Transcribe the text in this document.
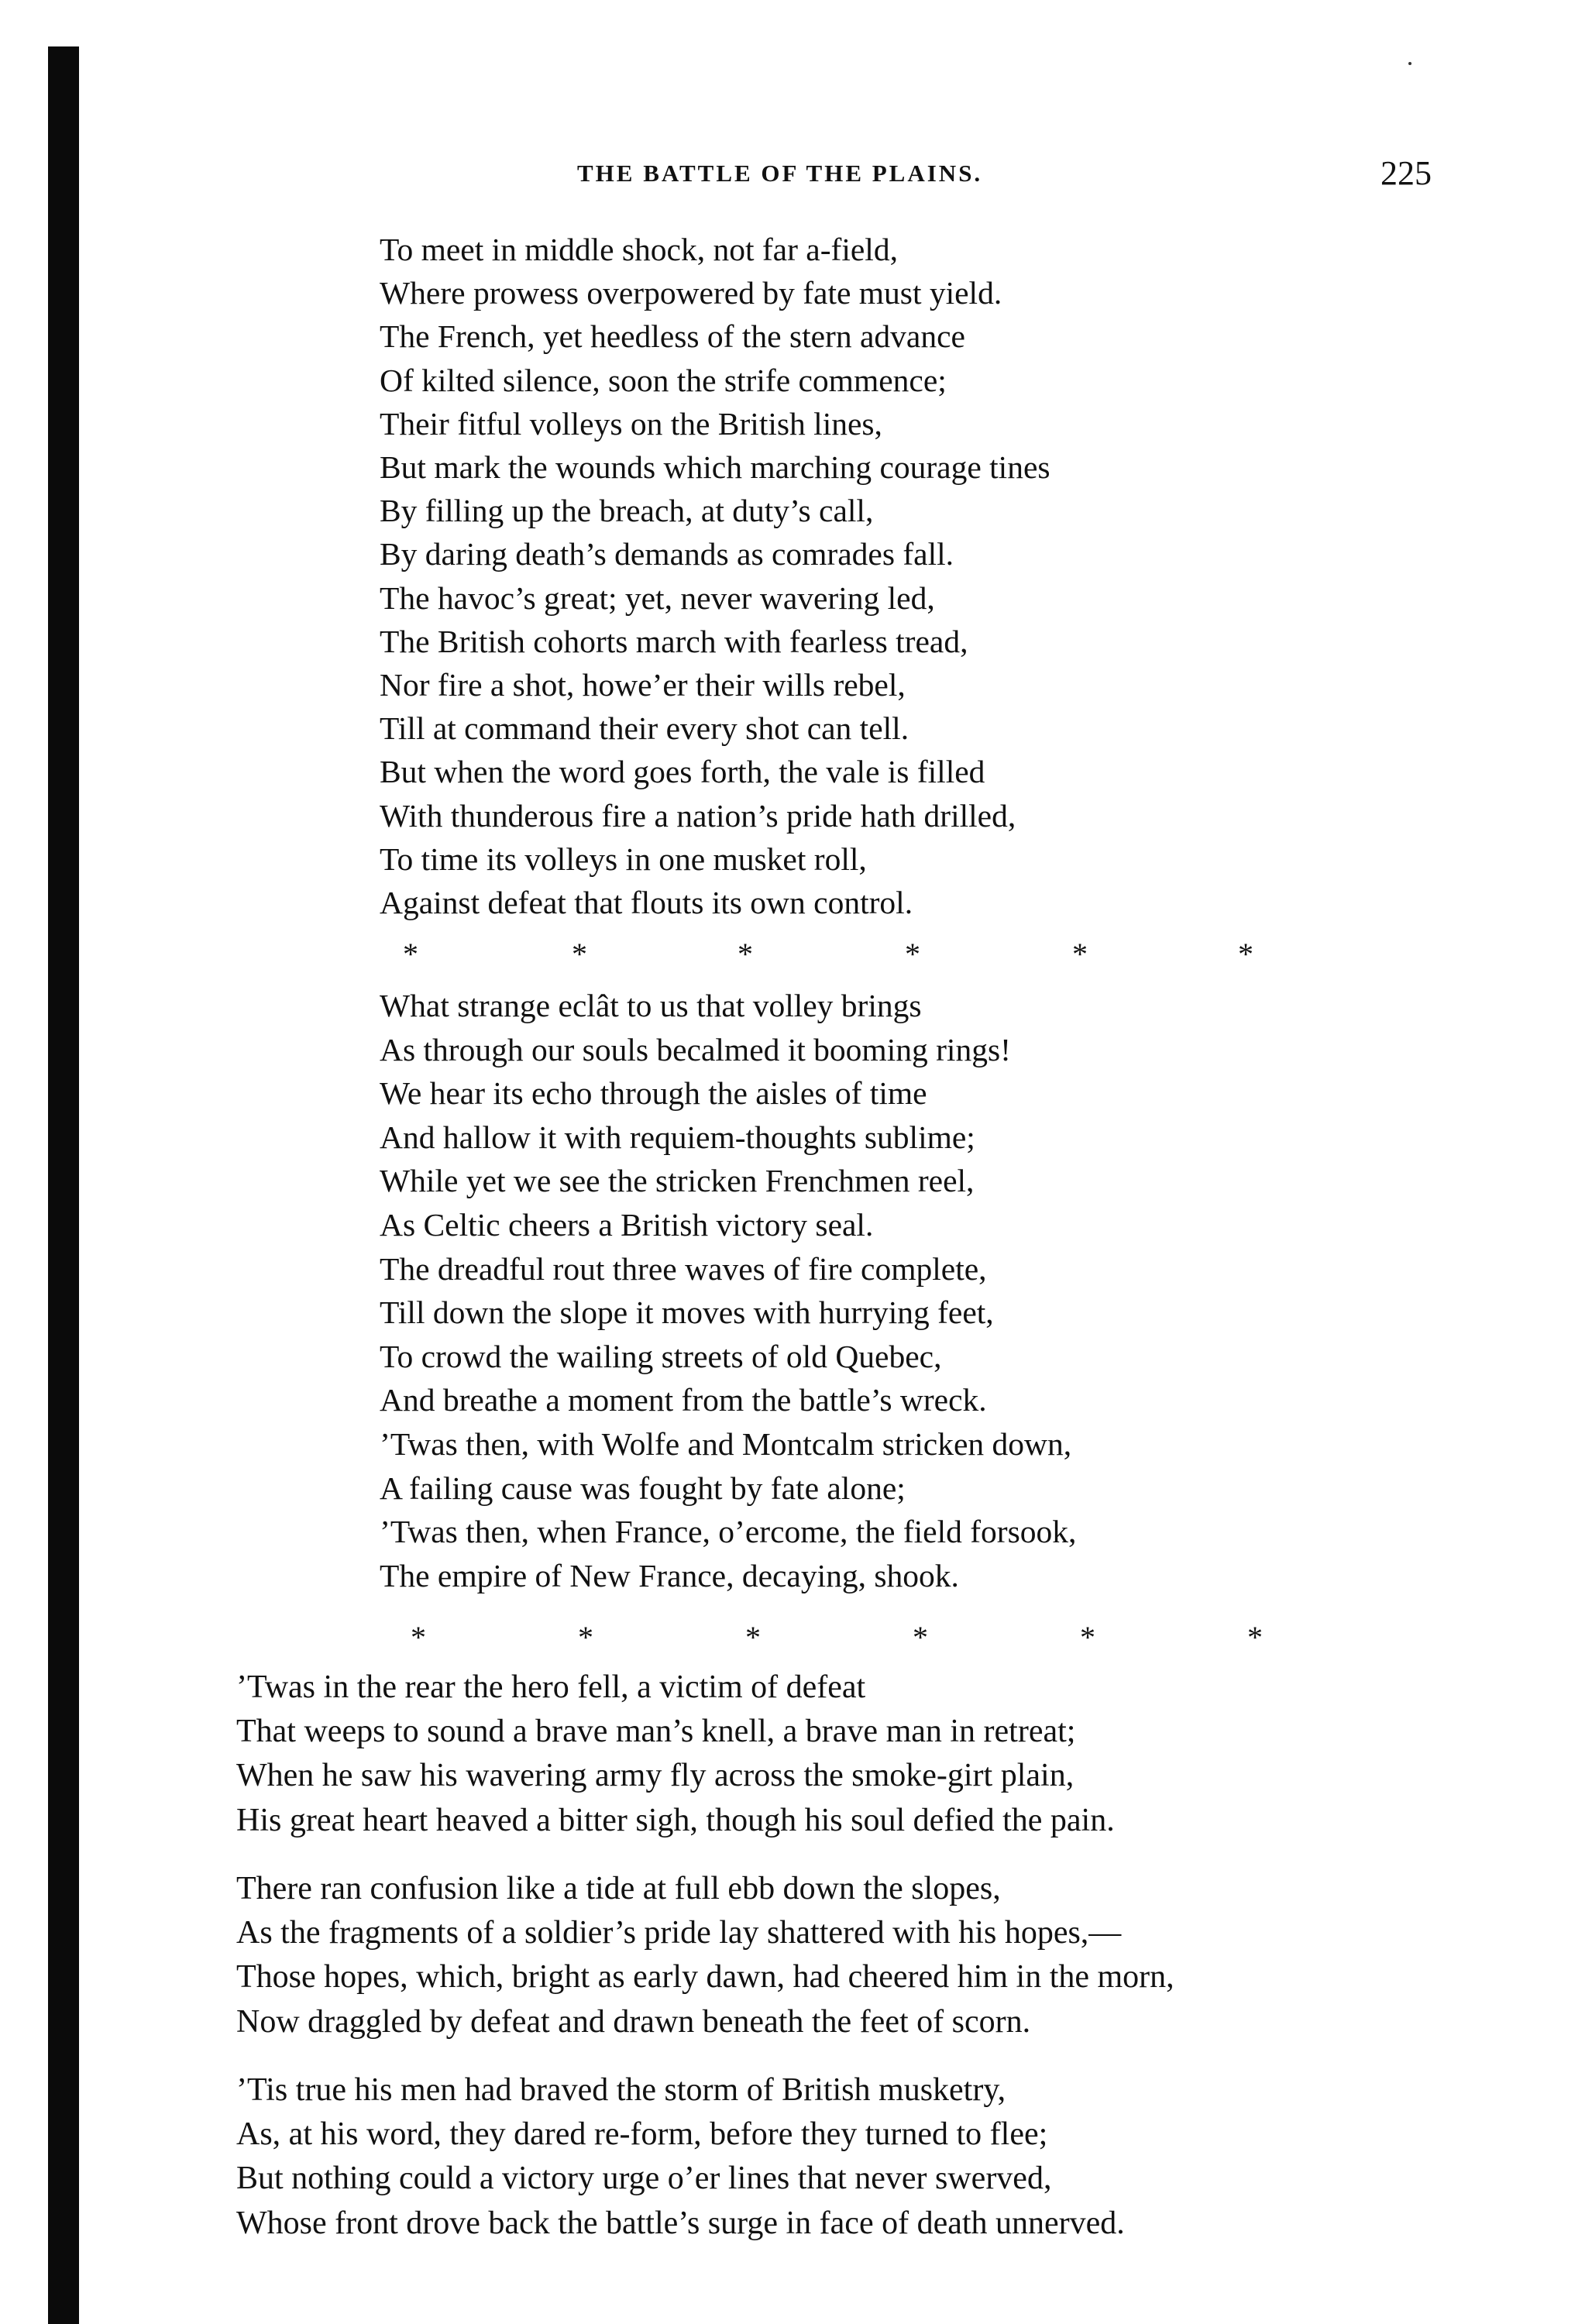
THE BATTLE OF THE PLAINS.	225
To meet in middle shock, not far a-field,
Where prowess overpowered by fate must yield.
The French, yet heedless of the stern advance
Of kilted silence, soon the strife commence;
Their fitful volleys on the British lines,
But mark the wounds which marching courage tines
By filling up the breach, at duty’s call,
By daring death’s demands as comrades fall.
The havoc’s great; yet, never wavering led,
The British cohorts march with fearless tread,
Nor fire a shot, howe’er their wills rebel,
Till at command their every shot can tell.
But when the word goes forth, the vale is filled
With thunderous fire a nation’s pride hath drilled,
To time its volleys in one musket roll,
Against defeat that flouts its own control.
*	*	*	*	*	*
What strange eclât to us that volley brings
As through our souls becalmed it booming rings!
We hear its echo through the aisles of time
And hallow it with requiem-thoughts sublime;
While yet we see the stricken Frenchmen reel,
As Celtic cheers a British victory seal.
The dreadful rout three waves of fire complete,
Till down the slope it moves with hurrying feet,
To crowd the wailing streets of old Quebec,
And breathe a moment from the battle’s wreck.
’Twas then, with Wolfe and Montcalm stricken down,
A failing cause was fought by fate alone;
’Twas then, when France, o’ercome, the field forsook,
The empire of New France, decaying, shook.
*	*	*	*	*	*
’Twas in the rear the hero fell, a victim of defeat
That weeps to sound a brave man’s knell, a brave man in retreat;
When he saw his wavering army fly across the smoke-girt plain,
His great heart heaved a bitter sigh, though his soul defied the pain.
There ran confusion like a tide at full ebb down the slopes,
As the fragments of a soldier’s pride lay shattered with his hopes,—
Those hopes, which, bright as early dawn, had cheered him in the morn,
Now draggled by defeat and drawn beneath the feet of scorn.
’Tis true his men had braved the storm of British musketry,
As, at his word, they dared re-form, before they turned to flee;
But nothing could a victory urge o’er lines that never swerved,
Whose front drove back the battle’s surge in face of death unnerved.
